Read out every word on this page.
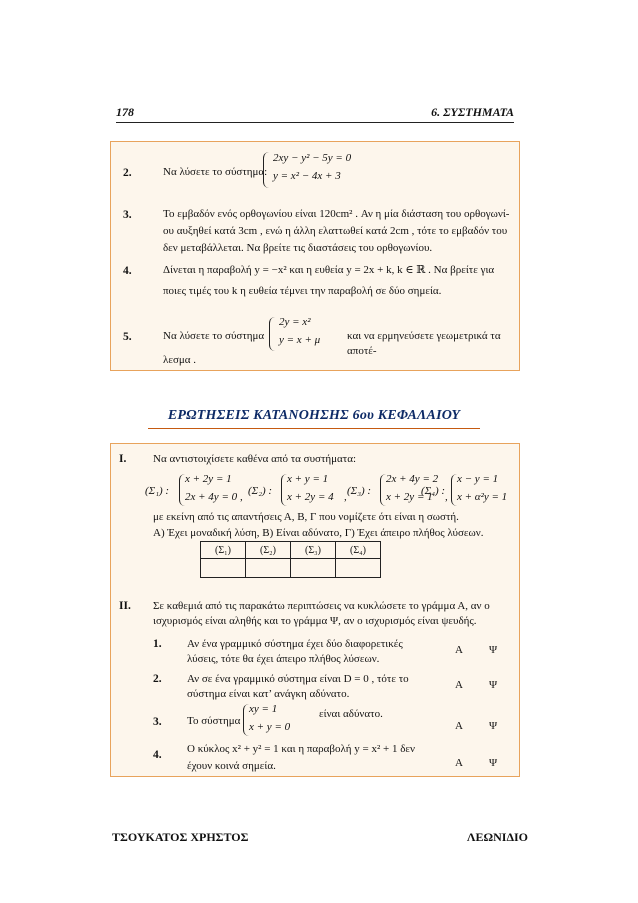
178	6. ΣΥΣΤΗΜΑΤΑ
2.	Να λύσετε το σύστημα:
2xy − y² − 5y = 0
y = x² − 4x + 3
3.	Το εμβαδόν ενός ορθογωνίου είναι 120cm² . Αν η μία διάσταση του ορθογωνί-
ου αυξηθεί κατά 3cm , ενώ η άλλη ελαττωθεί κατά 2cm , τότε το εμβαδόν του
δεν μεταβάλλεται. Να βρείτε τις διαστάσεις του ορθογωνίου.
4.	Δίνεται η παραβολή y = −x² και η ευθεία y = 2x + k, k ∈ ℝ . Να βρείτε για
ποιες τιμές του k η ευθεία τέμνει την παραβολή σε δύο σημεία.
5.	Να λύσετε το σύστημα
2y = x²
y = x + μ και να ερμηνεύσετε γεωμετρικά τα αποτέ-
λεσμα .
ΕΡΩΤΗΣΕΙΣ ΚΑΤΑΝΟΗΣΗΣ 6ου ΚΕΦΑΛΑΙΟΥ
I. Να αντιστοιχίσετε καθένα από τα συστήματα:
(Σ₁) :
x + 2y = 1
2x + 4y = 0 , (Σ₂) :
x + y = 1
x + 2y = 4 , (Σ₃) :
2x + 4y = 2
x + 2y = 1 ,
(Σ₄) :
x − y = 1
x + α²y = 1
με εκείνη από τις απαντήσεις Α, Β, Γ που νομίζετε ότι είναι η σωστή.
Α) Έχει μοναδική λύση, Β) Είναι αδύνατο, Γ) Έχει άπειρο πλήθος λύσεων.
II. Σε καθεμιά από τις παρακάτω περιπτώσεις να κυκλώσετε το γράμμα Α, αν ο
ισχυρισμός είναι αληθής και το γράμμα Ψ, αν ο ισχυρισμός είναι ψευδής.
1. Αν ένα γραμμικό σύστημα έχει δύο διαφορετικές
λύσεις, τότε θα έχει άπειρο πλήθος λύσεων.
Α Ψ
2. Αν σε ένα γραμμικό σύστημα είναι D = 0 , τότε το
σύστημα είναι κατ’ ανάγκη αδύνατο.
Α Ψ
3. Το σύστημα
xy = 1
x + y = 0
είναι αδύνατο.
Α Ψ
4. Ο κύκλος x² + y² = 1 και η παραβολή y = x² + 1 δεν
έχουν κοινά σημεία.	Α Ψ
(Σ₁)	(Σ₂)	(Σ₃)	(Σ₄)

ΤΣΟΥΚΑΤΟΣ ΧΡΗΣΤΟΣ	ΛΕΩΝΙΔΙΟ
